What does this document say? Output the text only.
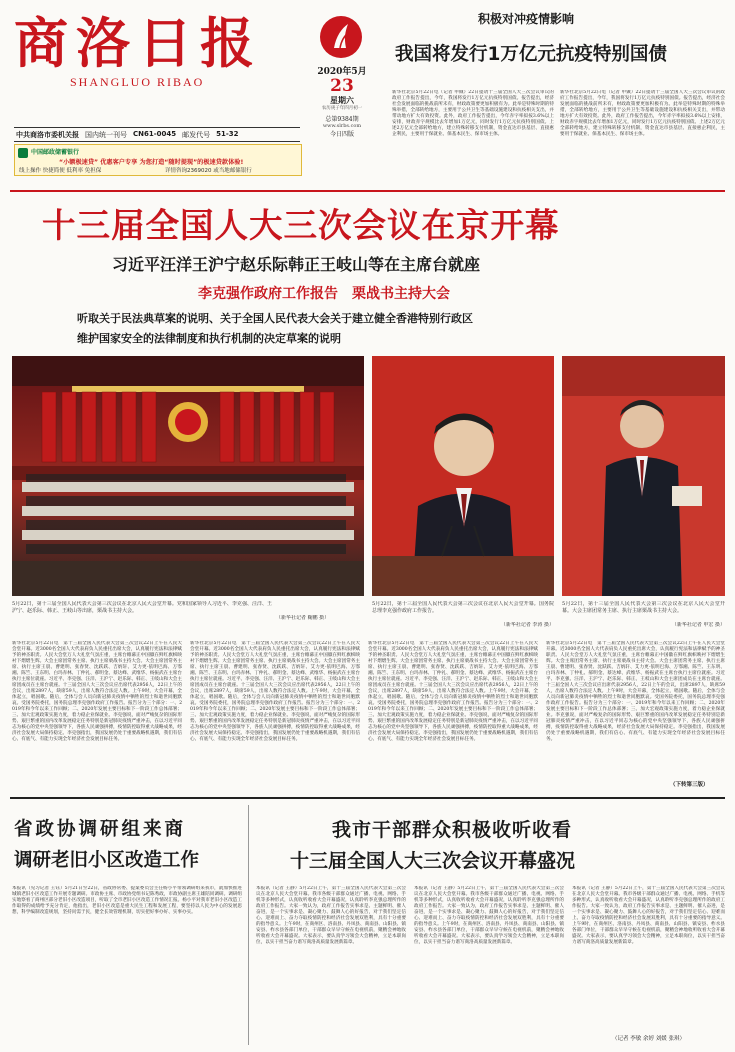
商洛日报
SHANGLUO RIBAO
2020年5月
23
星期六
农历庚子年四月初一
总第9384期
www.slrbs.com
今日四版
中共商洛市委机关报 国内统一刊号 CN61-0045 邮发代号 51-32
中国邮政储蓄银行
“小额极速贷” 优惠客户专享 为您打造“随时提现”的极速贷款体验!
线上操作 快捷简便 低利率 免担保	详情咨询2369020 或当地邮储银行
积极对冲疫情影响
我国将发行1万亿元抗疫特别国债
新华社北京5月22日电（记者 申铖）22日提请十三届全国人大三次会议审议的政府工作报告提出，今年，我国将发行1万亿元抗疫特别国债。报告提出，经济社会发展面临的挑战前所未有，财政政策要更加积极有为。此举是特殊时期的特殊举措，全部转给地方，主要用于公共卫生等基础设施建设和抗疫相关支出，并带动地方扩大有效投资。此外，政府工作报告提出，今年赤字率拟按3.6%以上安排，财政赤字规模比去年增加1万亿元，同时发行1万亿元抗疫特别国债。上述2万亿元全部转给地方，建立特殊转移支付机制，资金直达市县基层、直接惠企利民，主要用于保就业、保基本民生、保市场主体。
新华社北京5月22日电（记者 申铖）22日提请十三届全国人大三次会议审议的政府工作报告提出，今年，我国将发行1万亿元抗疫特别国债。报告提出，经济社会发展面临的挑战前所未有，财政政策要更加积极有为。此举是特殊时期的特殊举措，全部转给地方，主要用于公共卫生等基础设施建设和抗疫相关支出，并带动地方扩大有效投资。此外，政府工作报告提出，今年赤字率拟按3.6%以上安排，财政赤字规模比去年增加1万亿元，同时发行1万亿元抗疫特别国债。上述2万亿元全部转给地方，建立特殊转移支付机制，资金直达市县基层、直接惠企利民，主要用于保就业、保基本民生、保市场主体。
十三届全国人大三次会议在京开幕
习近平汪洋王沪宁赵乐际韩正王岐山等在主席台就座
李克强作政府工作报告　栗战书主持大会
听取关于民法典草案的说明、关于全国人民代表大会关于建立健全香港特别行政区
维护国家安全的法律制度和执行机制的决定草案的说明
5月22日，第十三届全国人民代表大会第三次会议在北京人民大会堂开幕。党和国家领导人习近平、李克强、汪洋、王沪宁、赵乐际、韩正、王岐山等出席，栗战书主持大会。
（新华社记者 鞠鹏 摄）
5月22日，第十三届全国人民代表大会第三次会议在北京人民大会堂开幕。国务院总理李克强作政府工作报告。
（新华社记者 李涛 摄）
5月22日，第十三届全国人民代表大会第三次会议在北京人民大会堂开幕。大会主席团常务主席、执行主席栗战书主持大会。
（新华社记者 申宏 摄）
新华社北京5月22日电　第十三届全国人民代表大会第三次会议22日上午在人民大会堂开幕。近3000名全国人大代表肩负人民重托出席大会，认真履行宪法和法律赋予的神圣职责。人民大会堂万人大礼堂气氛庄重，主席台帷幕正中国徽在鲜红旗帜映衬下熠熠生辉。大会主席团常务主席、执行主席栗战书主持大会。大会主席团常务主席、执行主席王晨、曹建明、张春贤、沈跃跃、吉炳轩、艾力更·依明巴海、万鄂湘、陈竺、王东明、白玛赤林、丁仲礼、郝明金、蔡达峰、武维华、杨振武在主席台执行主席位就座。习近平、李克强、汪洋、王沪宁、赵乐际、韩正、王岐山和大会主席团成员在主席台就座。十三届全国人大三次会议应出席代表2956人，22日上午的会议，出席2897人，缺席59人，出席人数符合法定人数。上午9时，大会开幕，全体起立，唱国歌。随后，全体与会人员向新冠肺炎疫情中牺牲的烈士和逝世同胞默哀。受国务院委托，国务院总理李克强作政府工作报告。报告分为三个部分：一、2019年和今年以来工作回顾；二、2020年发展主要目标和下一阶段工作总体部署；三、加大宏观政策实施力度，着力稳企业保就业。李克强说，面对严峻复杂的国际形势、艰巨繁重的国内改革发展稳定任务特别是新冠肺炎疫情严重冲击，在以习近平同志为核心的党中央坚强领导下，各族人民顽强拼搏，疫情防控取得重大战略成果，经济社会发展大局保持稳定。李克强指出，我国发展仍处于重要战略机遇期，我们有信心、有底气、有能力实现全年经济社会发展目标任务。
新华社北京5月22日电　第十三届全国人民代表大会第三次会议22日上午在人民大会堂开幕。近3000名全国人大代表肩负人民重托出席大会，认真履行宪法和法律赋予的神圣职责。人民大会堂万人大礼堂气氛庄重，主席台帷幕正中国徽在鲜红旗帜映衬下熠熠生辉。大会主席团常务主席、执行主席栗战书主持大会。大会主席团常务主席、执行主席王晨、曹建明、张春贤、沈跃跃、吉炳轩、艾力更·依明巴海、万鄂湘、陈竺、王东明、白玛赤林、丁仲礼、郝明金、蔡达峰、武维华、杨振武在主席台执行主席位就座。习近平、李克强、汪洋、王沪宁、赵乐际、韩正、王岐山和大会主席团成员在主席台就座。十三届全国人大三次会议应出席代表2956人，22日上午的会议，出席2897人，缺席59人，出席人数符合法定人数。上午9时，大会开幕，全体起立，唱国歌。随后，全体与会人员向新冠肺炎疫情中牺牲的烈士和逝世同胞默哀。受国务院委托，国务院总理李克强作政府工作报告。报告分为三个部分：一、2019年和今年以来工作回顾；二、2020年发展主要目标和下一阶段工作总体部署；三、加大宏观政策实施力度，着力稳企业保就业。李克强说，面对严峻复杂的国际形势、艰巨繁重的国内改革发展稳定任务特别是新冠肺炎疫情严重冲击，在以习近平同志为核心的党中央坚强领导下，各族人民顽强拼搏，疫情防控取得重大战略成果，经济社会发展大局保持稳定。李克强指出，我国发展仍处于重要战略机遇期，我们有信心、有底气、有能力实现全年经济社会发展目标任务。
新华社北京5月22日电　第十三届全国人民代表大会第三次会议22日上午在人民大会堂开幕。近3000名全国人大代表肩负人民重托出席大会，认真履行宪法和法律赋予的神圣职责。人民大会堂万人大礼堂气氛庄重，主席台帷幕正中国徽在鲜红旗帜映衬下熠熠生辉。大会主席团常务主席、执行主席栗战书主持大会。大会主席团常务主席、执行主席王晨、曹建明、张春贤、沈跃跃、吉炳轩、艾力更·依明巴海、万鄂湘、陈竺、王东明、白玛赤林、丁仲礼、郝明金、蔡达峰、武维华、杨振武在主席台执行主席位就座。习近平、李克强、汪洋、王沪宁、赵乐际、韩正、王岐山和大会主席团成员在主席台就座。十三届全国人大三次会议应出席代表2956人，22日上午的会议，出席2897人，缺席59人，出席人数符合法定人数。上午9时，大会开幕，全体起立，唱国歌。随后，全体与会人员向新冠肺炎疫情中牺牲的烈士和逝世同胞默哀。受国务院委托，国务院总理李克强作政府工作报告。报告分为三个部分：一、2019年和今年以来工作回顾；二、2020年发展主要目标和下一阶段工作总体部署；三、加大宏观政策实施力度，着力稳企业保就业。李克强说，面对严峻复杂的国际形势、艰巨繁重的国内改革发展稳定任务特别是新冠肺炎疫情严重冲击，在以习近平同志为核心的党中央坚强领导下，各族人民顽强拼搏，疫情防控取得重大战略成果，经济社会发展大局保持稳定。李克强指出，我国发展仍处于重要战略机遇期，我们有信心、有底气、有能力实现全年经济社会发展目标任务。
新华社北京5月22日电　第十三届全国人民代表大会第三次会议22日上午在人民大会堂开幕。近3000名全国人大代表肩负人民重托出席大会，认真履行宪法和法律赋予的神圣职责。人民大会堂万人大礼堂气氛庄重，主席台帷幕正中国徽在鲜红旗帜映衬下熠熠生辉。大会主席团常务主席、执行主席栗战书主持大会。大会主席团常务主席、执行主席王晨、曹建明、张春贤、沈跃跃、吉炳轩、艾力更·依明巴海、万鄂湘、陈竺、王东明、白玛赤林、丁仲礼、郝明金、蔡达峰、武维华、杨振武在主席台执行主席位就座。习近平、李克强、汪洋、王沪宁、赵乐际、韩正、王岐山和大会主席团成员在主席台就座。十三届全国人大三次会议应出席代表2956人，22日上午的会议，出席2897人，缺席59人，出席人数符合法定人数。上午9时，大会开幕，全体起立，唱国歌。随后，全体与会人员向新冠肺炎疫情中牺牲的烈士和逝世同胞默哀。受国务院委托，国务院总理李克强作政府工作报告。报告分为三个部分：一、2019年和今年以来工作回顾；二、2020年发展主要目标和下一阶段工作总体部署；三、加大宏观政策实施力度，着力稳企业保就业。李克强说，面对严峻复杂的国际形势、艰巨繁重的国内改革发展稳定任务特别是新冠肺炎疫情严重冲击，在以习近平同志为核心的党中央坚强领导下，各族人民顽强拼搏，疫情防控取得重大战略成果，经济社会发展大局保持稳定。李克强指出，我国发展仍处于重要战略机遇期，我们有信心、有底气、有能力实现全年经济社会发展目标任务。
（下转第三版）
省政协调研组来商
调研老旧小区改造工作
本报讯（见习记者 王钰）5月21日至22日，省政协常委、提案委员会主任杨小平带领调研组来我市，就加快推进城镇老旧小区改造工作开展专题调研。市政协主席、市政协党组书记陈秀政，市政协副主席王雄陪同调研。调研组实地察看了商州区部分老旧小区改造项目，听取了全市老旧小区改造工作情况汇报。杨小平对我市老旧小区改造工作取得的成绩给予充分肯定，他指出，老旧小区改造是重大民生工程和发展工程，要坚持以人民为中心的发展思想，科学编制改造规划，坚持问需于民，健全长效管理机制，切实把好事办好、实事办实。
我市干部群众积极收听收看
十三届全国人大三次会议开幕盛况
本报讯（记者 王静）5月22日上午，第十三届全国人民代表大会第三次会议在北京人民大会堂开幕。我市各级干部群众通过广播、电视、网络、手机等多种形式，认真收听收看大会开幕盛况，认真聆听李克强总理所作的政府工作报告。大家一致认为，政府工作报告实事求是、主题鲜明、催人奋进，是一个实事求是、凝心聚力、鼓舞人心的好报告，对于我们坚定信心、迎难而上、奋力夺取疫情防控和经济社会发展双胜利，具有十分重要的指导意义。上午9时，在商州区、洛南县、丹凤县、商南县、山阳县、镇安县、柞水县各部门单位，干部群众早早守候在电视机前，聚精会神地收听收看大会开幕盛况。大家表示，要认真学习领会大会精神，立足本职岗位，以实干担当奋力谱写商洛高质量发展新篇章。
本报讯（记者 王静）5月22日上午，第十三届全国人民代表大会第三次会议在北京人民大会堂开幕。我市各级干部群众通过广播、电视、网络、手机等多种形式，认真收听收看大会开幕盛况，认真聆听李克强总理所作的政府工作报告。大家一致认为，政府工作报告实事求是、主题鲜明、催人奋进，是一个实事求是、凝心聚力、鼓舞人心的好报告，对于我们坚定信心、迎难而上、奋力夺取疫情防控和经济社会发展双胜利，具有十分重要的指导意义。上午9时，在商州区、洛南县、丹凤县、商南县、山阳县、镇安县、柞水县各部门单位，干部群众早早守候在电视机前，聚精会神地收听收看大会开幕盛况。大家表示，要认真学习领会大会精神，立足本职岗位，以实干担当奋力谱写商洛高质量发展新篇章。
本报讯（记者 王静）5月22日上午，第十三届全国人民代表大会第三次会议在北京人民大会堂开幕。我市各级干部群众通过广播、电视、网络、手机等多种形式，认真收听收看大会开幕盛况，认真聆听李克强总理所作的政府工作报告。大家一致认为，政府工作报告实事求是、主题鲜明、催人奋进，是一个实事求是、凝心聚力、鼓舞人心的好报告，对于我们坚定信心、迎难而上、奋力夺取疫情防控和经济社会发展双胜利，具有十分重要的指导意义。上午9时，在商州区、洛南县、丹凤县、商南县、山阳县、镇安县、柞水县各部门单位，干部群众早早守候在电视机前，聚精会神地收听收看大会开幕盛况。大家表示，要认真学习领会大会精神，立足本职岗位，以实干担当奋力谱写商洛高质量发展新篇章。
（记者 李敏 余婷 刘媛 张琪）
